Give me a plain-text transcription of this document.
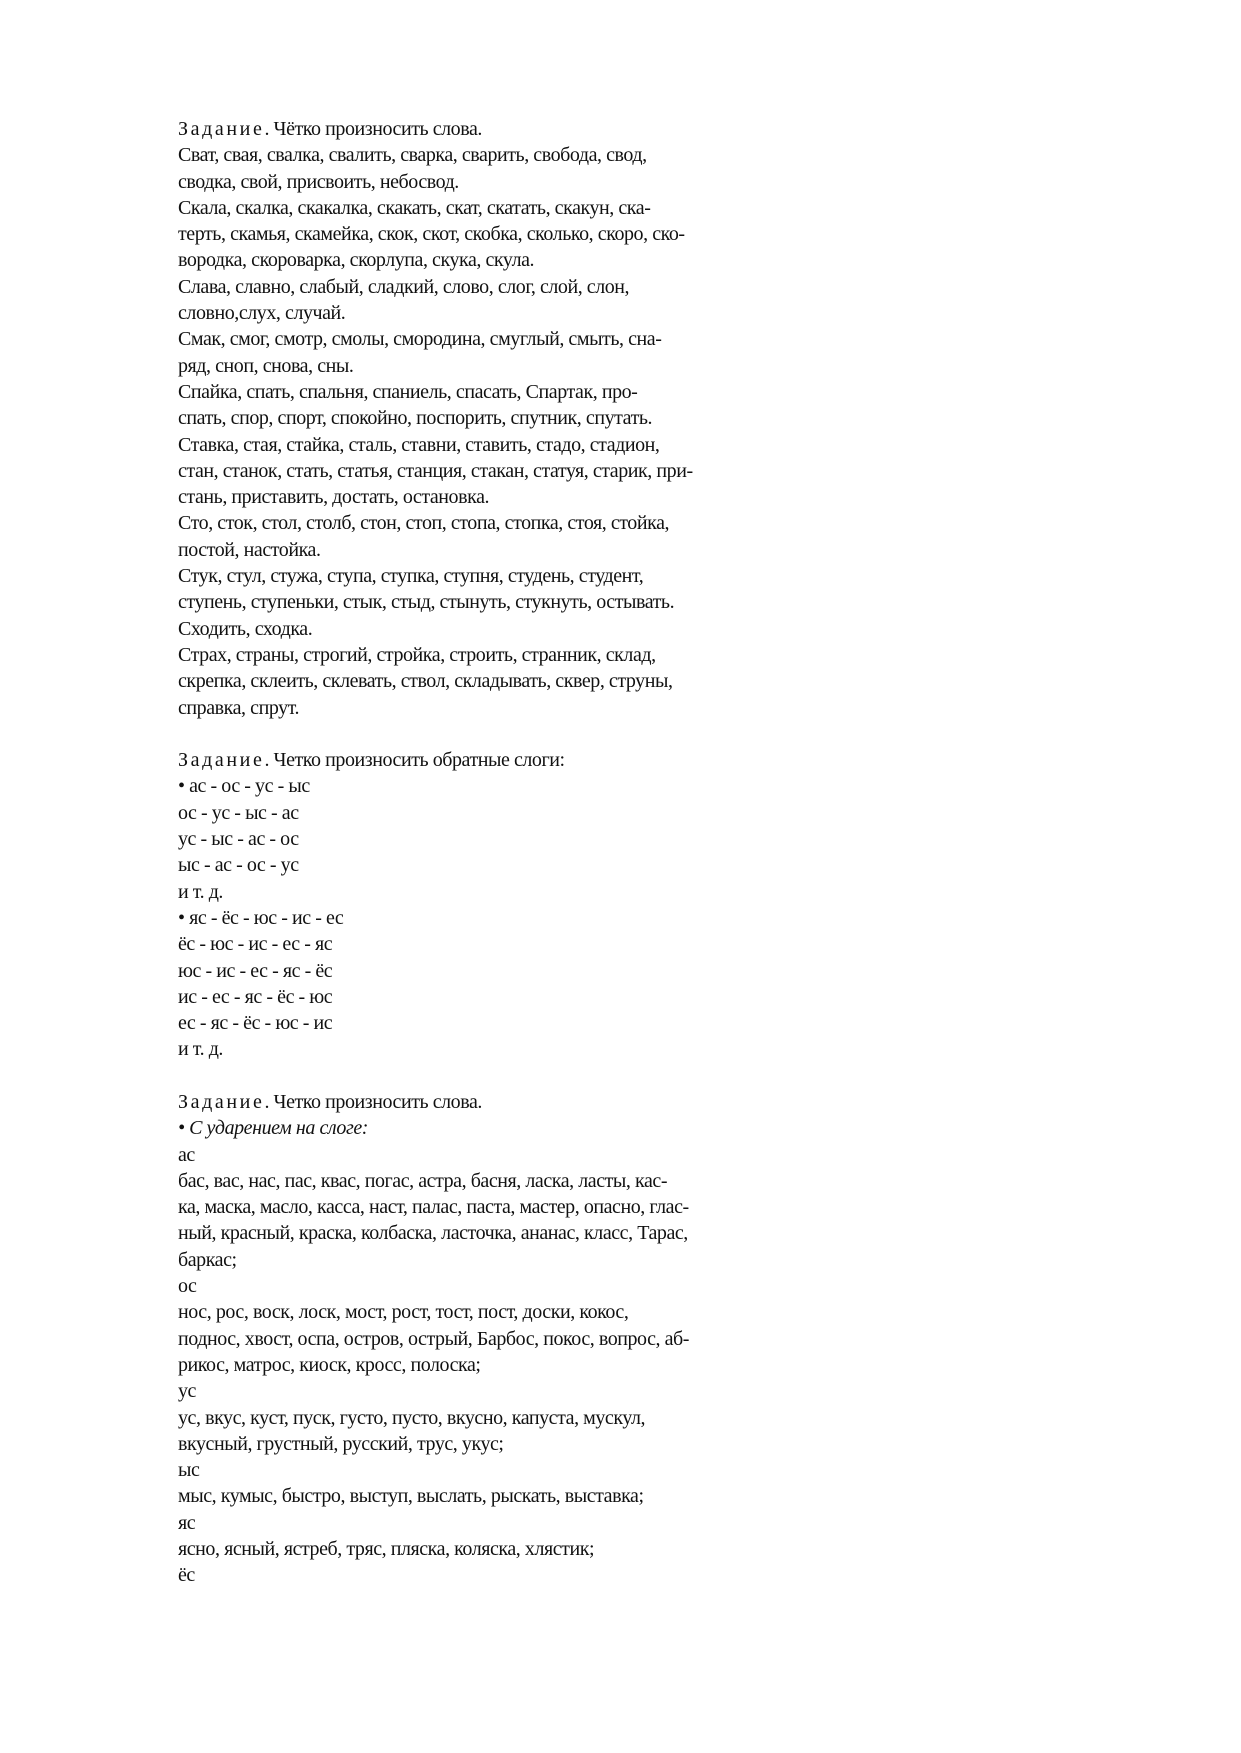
Задание. Чётко произносить слова.
Сват, свая, свалка, свалить, сварка, сварить, свобода, свод,
сводка, свой, присвоить, небосвод.
Скала, скалка, скакалка, скакать, скат, скатать, скакун, ска-
терть, скамья, скамейка, скок, скот, скобка, сколько, скоро, ско-
вородка, скороварка, скорлупа, скука, скула.
Слава, славно, слабый, сладкий, слово, слог, слой, слон,
словно,слух, случай.
Смак, смог, смотр, смолы, смородина, смуглый, смыть, сна-
ряд, сноп, снова, сны.
Спайка, спать, спальня, спаниель, спасать, Спартак, про-
спать, спор, спорт, спокойно, поспорить, спутник, спутать.
Ставка, стая, стайка, сталь, ставни, ставить, стадо, стадион,
стан, станок, стать, статья, станция, стакан, статуя, старик, при-
стань, приставить, достать, остановка.
Сто, сток, стол, столб, стон, стоп, стопа, стопка, стоя, стойка,
постой, настойка.
Стук, стул, стужа, ступа, ступка, ступня, студень, студент,
ступень, ступеньки, стык, стыд, стынуть, стукнуть, остывать.
Сходить, сходка.
Страх, страны, строгий, стройка, строить, странник, склад,
скрепка, склеить, склевать, ствол, складывать, сквер, струны,
справка, спрут.
Задание. Четко произносить обратные слоги:
• ас - ос - ус - ыс
ос - ус - ыс - ас
ус - ыс - ас - ос
ыс - ас - ос - ус
и т. д.
• яс - ёс - юс - ис - ес
ёс - юс - ис - ес - яс
юс - ис - ес - яс - ёс
ис - ес - яс - ёс - юс
ес - яс - ёс - юс - ис
и т. д.
Задание. Четко произносить слова.
• С ударением на слоге:
ас
бас, вас, нас, пас, квас, погас, астра, басня, ласка, ласты, кас-
ка, маска, масло, касса, наст, палас, паста, мастер, опасно, глас-
ный, красный, краска, колбаска, ласточка, ананас, класс, Тарас,
баркас;
ос
нос, рос, воск, лоск, мост, рост, тост, пост, доски, кокос,
поднос, хвост, оспа, остров, острый, Барбос, покос, вопрос, аб-
рикос, матрос, киоск, кросс, полоска;
ус
ус, вкус, куст, пуск, густо, пусто, вкусно, капуста, мускул,
вкусный, грустный, русский, трус, укус;
ыс
мыс, кумыс, быстро, выступ, выслать, рыскать, выставка;
яс
ясно, ясный, ястреб, тряс, пляска, коляска, хлястик;
ёс
